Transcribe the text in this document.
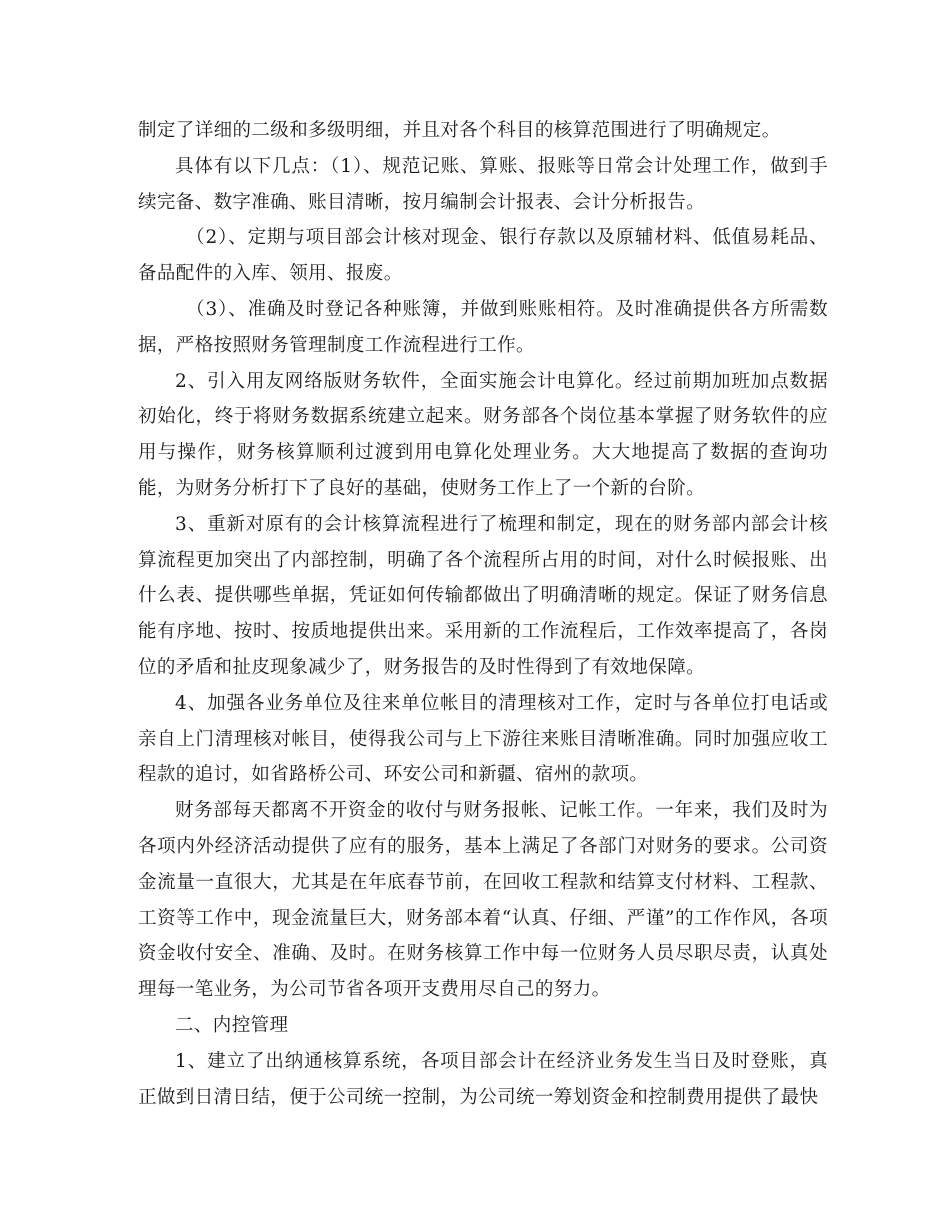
制定了详细的二级和多级明细，并且对各个科目的核算范围进行了明确规定。

具体有以下几点：（1）、规范记账、算账、报账等日常会计处理工作，做到手续完备、数字准确、账目清晰，按月编制会计报表、会计分析报告。

（2）、定期与项目部会计核对现金、银行存款以及原辅材料、低值易耗品、备品配件的入库、领用、报废。

（3）、准确及时登记各种账簿，并做到账账相符。及时准确提供各方所需数据，严格按照财务管理制度工作流程进行工作。

2、引入用友网络版财务软件，全面实施会计电算化。经过前期加班加点数据初始化，终于将财务数据系统建立起来。财务部各个岗位基本掌握了财务软件的应用与操作，财务核算顺利过渡到用电算化处理业务。大大地提高了数据的查询功能，为财务分析打下了良好的基础，使财务工作上了一个新的台阶。

3、重新对原有的会计核算流程进行了梳理和制定，现在的财务部内部会计核算流程更加突出了内部控制，明确了各个流程所占用的时间，对什么时候报账、出什么表、提供哪些单据，凭证如何传输都做出了明确清晰的规定。保证了财务信息能有序地、按时、按质地提供出来。采用新的工作流程后，工作效率提高了，各岗位的矛盾和扯皮现象减少了，财务报告的及时性得到了有效地保障。

4、加强各业务单位及往来单位帐目的清理核对工作，定时与各单位打电话或亲自上门清理核对帐目，使得我公司与上下游往来账目清晰准确。同时加强应收工程款的追讨，如省路桥公司、环安公司和新疆、宿州的款项。

财务部每天都离不开资金的收付与财务报帐、记帐工作。一年来，我们及时为各项内外经济活动提供了应有的服务，基本上满足了各部门对财务的要求。公司资金流量一直很大，尤其是在年底春节前，在回收工程款和结算支付材料、工程款、工资等工作中，现金流量巨大，财务部本着“认真、仔细、严谨”的工作作风，各项资金收付安全、准确、及时。在财务核算工作中每一位财务人员尽职尽责，认真处理每一笔业务，为公司节省各项开支费用尽自己的努力。

二、内控管理

1、建立了出纳通核算系统，各项目部会计在经济业务发生当日及时登账，真正做到日清日结，便于公司统一控制，为公司统一筹划资金和控制费用提供了最快
